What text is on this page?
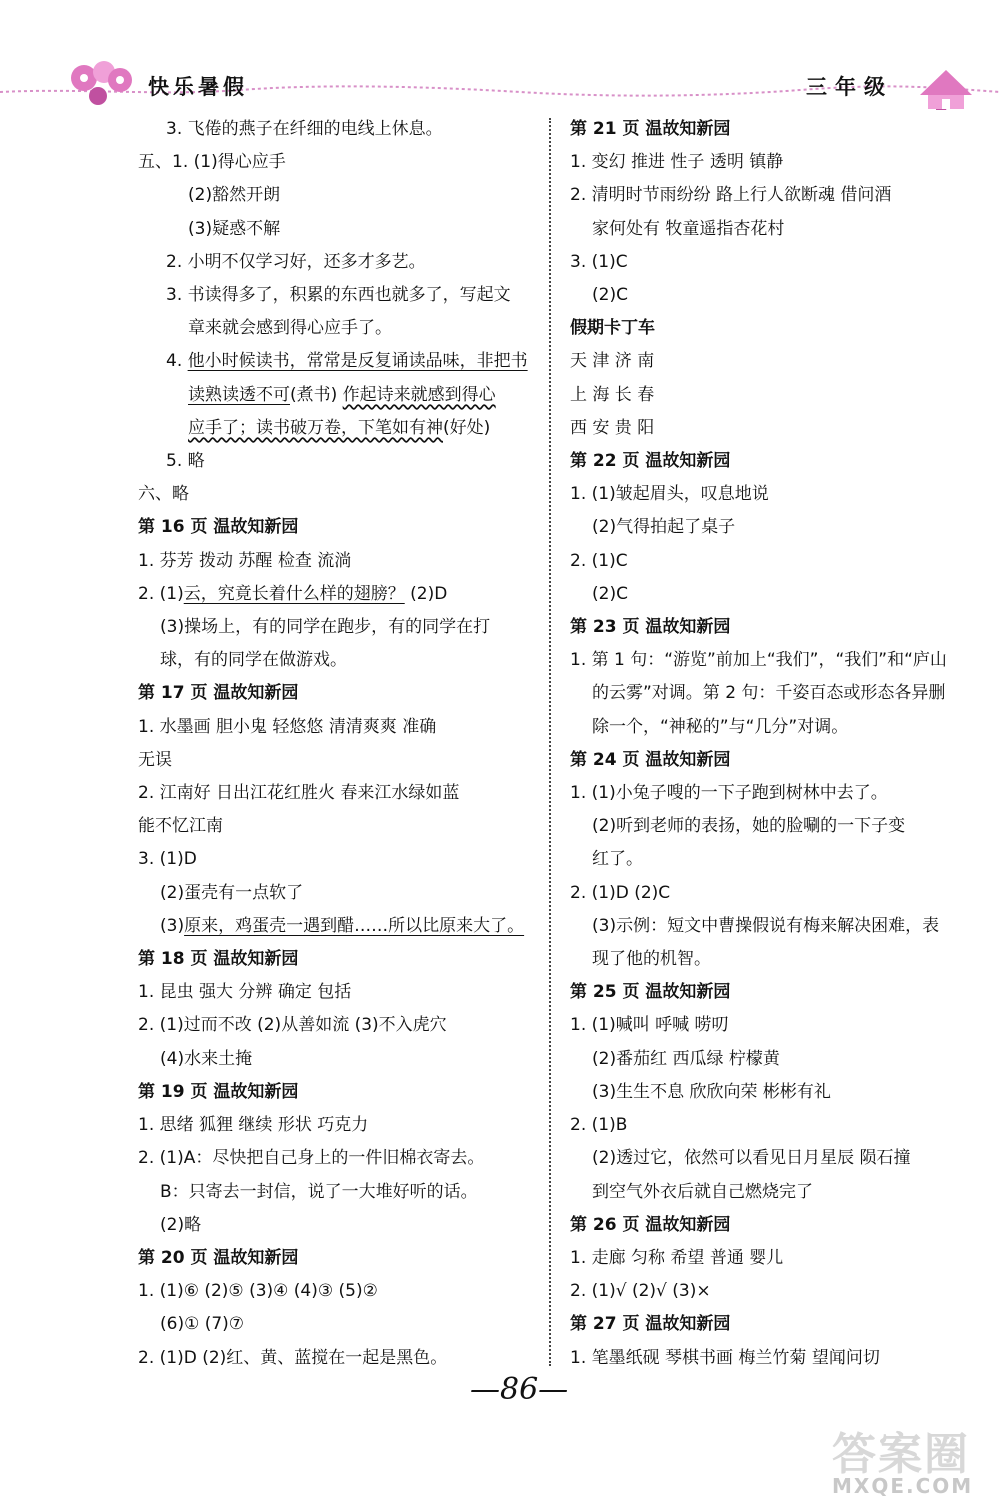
快乐暑假	三年级
3. 飞倦的燕子在纤细的电线上休息。
五、1. (1)得心应手
(2)豁然开朗
(3)疑惑不解
2. 小明不仅学习好，还多才多艺。
3. 书读得多了，积累的东西也就多了，写起文
章来就会感到得心应手了。
4. 他小时候读书，常常是反复诵读品味，非把书
读熟读透不可(煮书) 作起诗来就感到得心
应手了；读书破万卷，下笔如有神(好处)
5. 略
六、略
第 16 页 温故知新园
1. 芬芳 拨动 苏醒 检查 流淌
2. (1)云，究竟长着什么样的翅膀？ (2)D
(3)操场上，有的同学在跑步，有的同学在打
球，有的同学在做游戏。
第 17 页 温故知新园
1. 水墨画 胆小鬼 轻悠悠 清清爽爽 准确
无误
2. 江南好 日出江花红胜火 春来江水绿如蓝
能不忆江南
3. (1)D
(2)蛋壳有一点软了
(3)原来，鸡蛋壳一遇到醋……所以比原来大了。
第 18 页 温故知新园
1. 昆虫 强大 分辨 确定 包括
2. (1)过而不改 (2)从善如流 (3)不入虎穴
(4)水来土掩
第 19 页 温故知新园
1. 思绪 狐狸 继续 形状 巧克力
2. (1)A：尽快把自己身上的一件旧棉衣寄去。
B：只寄去一封信，说了一大堆好听的话。
(2)略
第 20 页 温故知新园
1. (1)⑥ (2)⑤ (3)④ (4)③ (5)②
(6)① (7)⑦
2. (1)D (2)红、黄、蓝搅在一起是黑色。
第 21 页 温故知新园
1. 变幻 推进 性子 透明 镇静
2. 清明时节雨纷纷 路上行人欲断魂 借问酒
家何处有 牧童遥指杏花村
3. (1)C
(2)C
假期卡丁车
天 津 济 南
上 海 长 春
西 安 贵 阳
第 22 页 温故知新园
1. (1)皱起眉头，叹息地说
(2)气得拍起了桌子
2. (1)C
(2)C
第 23 页 温故知新园
1. 第 1 句：“游览”前加上“我们”，“我们”和“庐山
的云雾”对调。第 2 句：千姿百态或形态各异删
除一个，“神秘的”与“几分”对调。
第 24 页 温故知新园
1. (1)小兔子嗖的一下子跑到树林中去了。
(2)听到老师的表扬，她的脸唰的一下子变
红了。
2. (1)D (2)C
(3)示例：短文中曹操假说有梅来解决困难，表
现了他的机智。
第 25 页 温故知新园
1. (1)喊叫 呼喊 唠叨
(2)番茄红 西瓜绿 柠檬黄
(3)生生不息 欣欣向荣 彬彬有礼
2. (1)B
(2)透过它，依然可以看见日月星辰 陨石撞
到空气外衣后就自己燃烧完了
第 26 页 温故知新园
1. 走廊 匀称 希望 普通 婴儿
2. (1)√ (2)√ (3)×
第 27 页 温故知新园
1. 笔墨纸砚 琴棋书画 梅兰竹菊 望闻问切
—86—
答案圈
MXQE.COM
